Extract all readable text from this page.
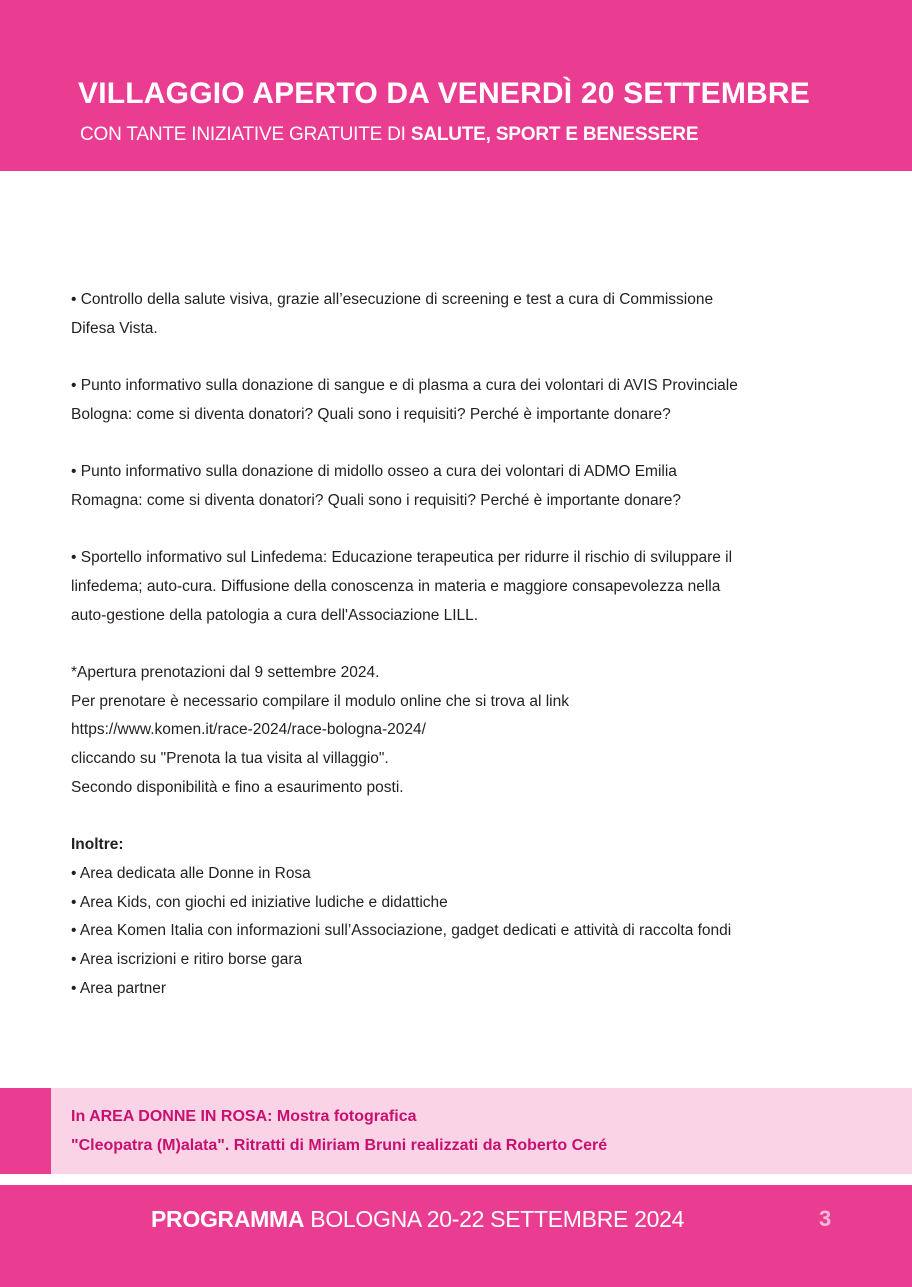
VILLAGGIO APERTO DA VENERDÌ 20 SETTEMBRE
CON TANTE INIZIATIVE GRATUITE DI SALUTE, SPORT E BENESSERE
• Controllo della salute visiva, grazie all’esecuzione di screening e test a cura di Commissione
Difesa Vista.
• Punto informativo sulla donazione di sangue e di plasma a cura dei volontari di AVIS Provinciale
Bologna: come si diventa donatori? Quali sono i requisiti? Perché è importante donare?
• Punto informativo sulla donazione di midollo osseo a cura dei volontari di ADMO Emilia
Romagna: come si diventa donatori? Quali sono i requisiti? Perché è importante donare?
• Sportello informativo sul Linfedema: Educazione terapeutica per ridurre il rischio di sviluppare il
linfedema; auto-cura. Diffusione della conoscenza in materia e maggiore consapevolezza nella
auto-gestione della patologia a cura dell'Associazione LILL.
*Apertura prenotazioni dal 9 settembre 2024.
Per prenotare è necessario compilare il modulo online che si trova al link
https://www.komen.it/race-2024/race-bologna-2024/
cliccando su "Prenota la tua visita al villaggio".
Secondo disponibilità e fino a esaurimento posti.
Inoltre:
• Area dedicata alle Donne in Rosa
• Area Kids, con giochi ed iniziative ludiche e didattiche
• Area Komen Italia con informazioni sull’Associazione, gadget dedicati e attività di raccolta fondi
• Area iscrizioni e ritiro borse gara
• Area partner
In AREA DONNE IN ROSA: Mostra fotografica
"Cleopatra (M)alata". Ritratti di Miriam Bruni realizzati da Roberto Ceré
PROGRAMMA BOLOGNA 20-22 SETTEMBRE 2024	3
